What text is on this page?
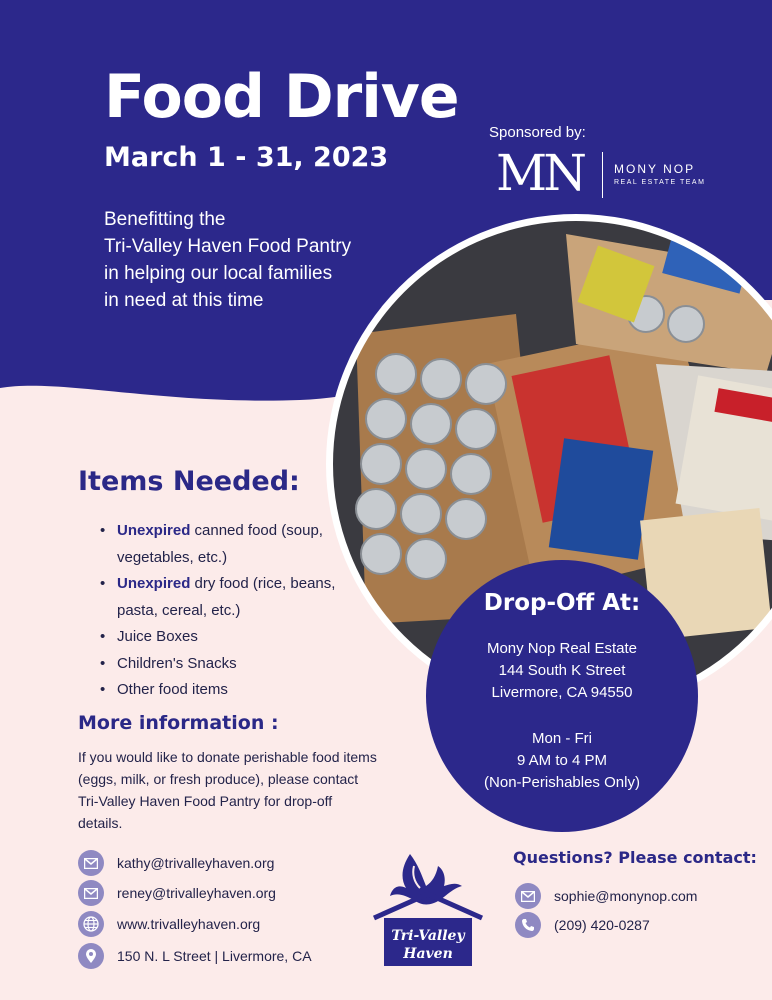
Food Drive
March 1 - 31, 2023
Benefitting the
Tri-Valley Haven Food Pantry
in helping our local families
in need at this time
Sponsored by:
MN	MONY NOP
REAL ESTATE TEAM
Items Needed:
• Unexpired canned food (soup, vegetables, etc.)
• Unexpired dry food (rice, beans, pasta, cereal, etc.)
• Juice Boxes
• Children's Snacks
• Other food items
More information :

If you would like to donate perishable food items (eggs, milk, or fresh produce), please contact Tri-Valley Haven Food Pantry for drop-off details.

kathy@trivalleyhaven.org
reney@trivalleyhaven.org
www.trivalleyhaven.org
150 N. L Street | Livermore, CA
Drop-Off At:
Mony Nop Real Estate
144 South K Street
Livermore, CA 94550
Mon - Fri
9 AM to 4 PM
(Non-Perishables Only)
Questions? Please contact:
sophie@monynop.com
(209) 420-0287
Tri-Valley
Haven
